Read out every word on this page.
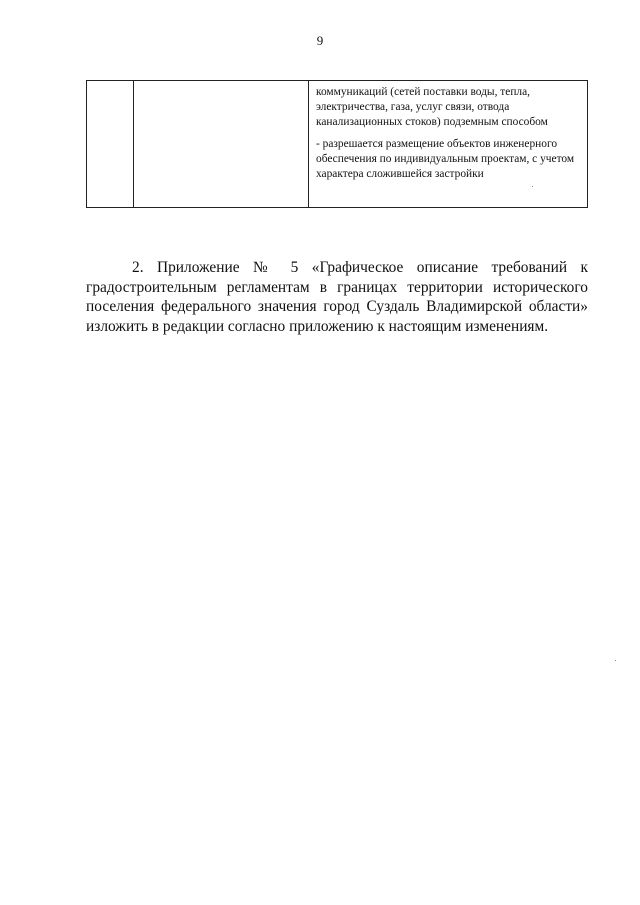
9

коммуникаций (сетей поставки воды, тепла, электричества, газа, услуг связи, отвода канализационных стоков) подземным способом

- разрешается размещение объектов инженерного обеспечения по индивидуальным проектам, с учетом характера сложившейся застройки

2. Приложение № 5 «Графическое описание требований к градостроительным регламентам в границах территории исторического поселения федерального значения город Суздаль Владимирской области» изложить в редакции согласно приложению к настоящим изменениям.
